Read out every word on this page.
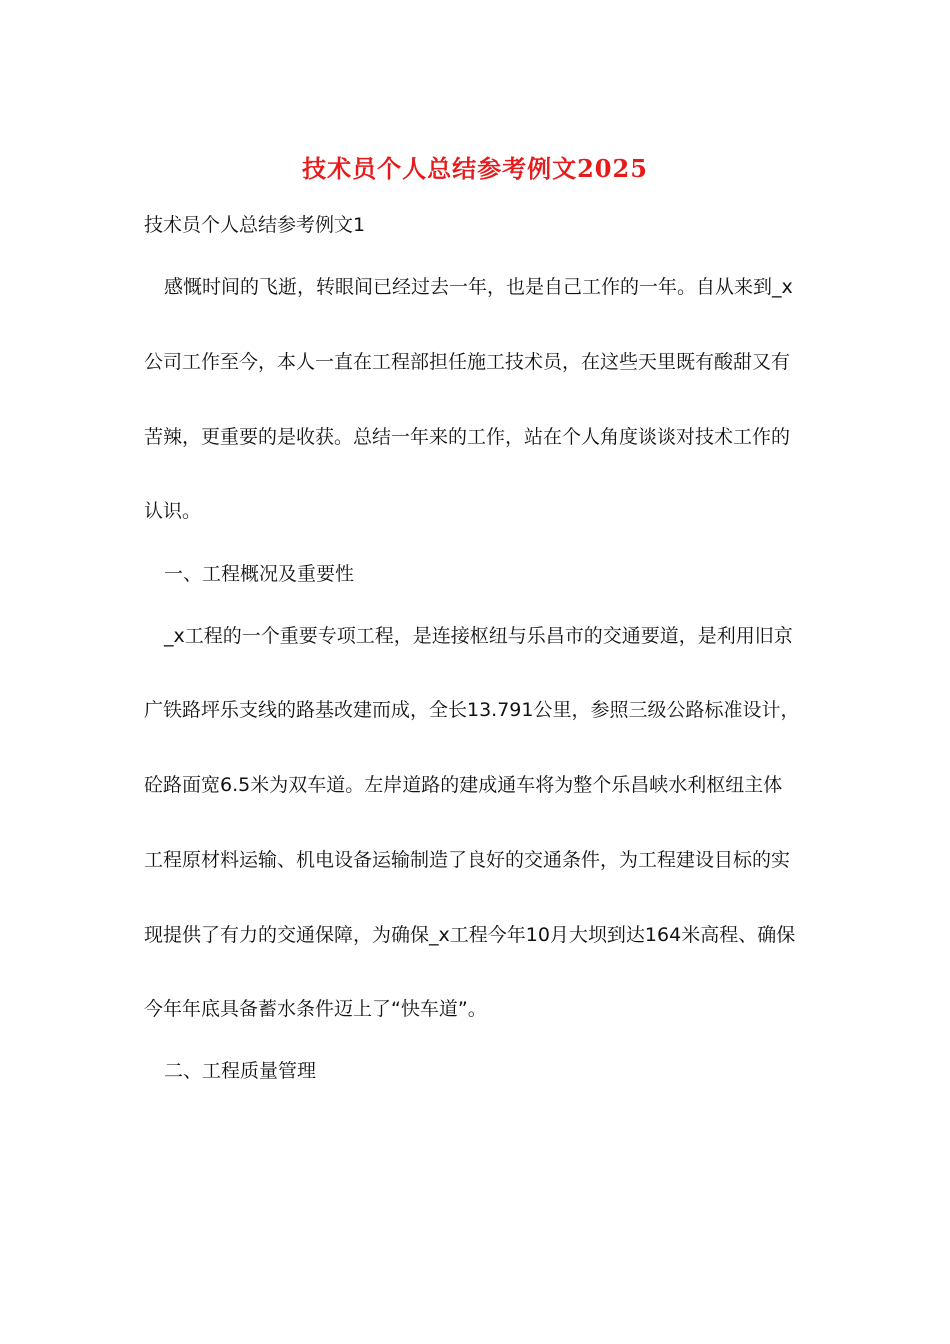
技术员个人总结参考例文2025
技术员个人总结参考例文1
感慨时间的飞逝，转眼间已经过去一年，也是自己工作的一年。自从来到_x
公司工作至今，本人一直在工程部担任施工技术员，在这些天里既有酸甜又有
苦辣，更重要的是收获。总结一年来的工作，站在个人角度谈谈对技术工作的
认识。
一、工程概况及重要性
_x工程的一个重要专项工程，是连接枢纽与乐昌市的交通要道，是利用旧京
广铁路坪乐支线的路基改建而成，全长13.791公里，参照三级公路标准设计，
砼路面宽6.5米为双车道。左岸道路的建成通车将为整个乐昌峡水利枢纽主体
工程原材料运输、机电设备运输制造了良好的交通条件，为工程建设目标的实
现提供了有力的交通保障，为确保_x工程今年10月大坝到达164米高程、确保
今年年底具备蓄水条件迈上了“快车道”。
二、工程质量管理
